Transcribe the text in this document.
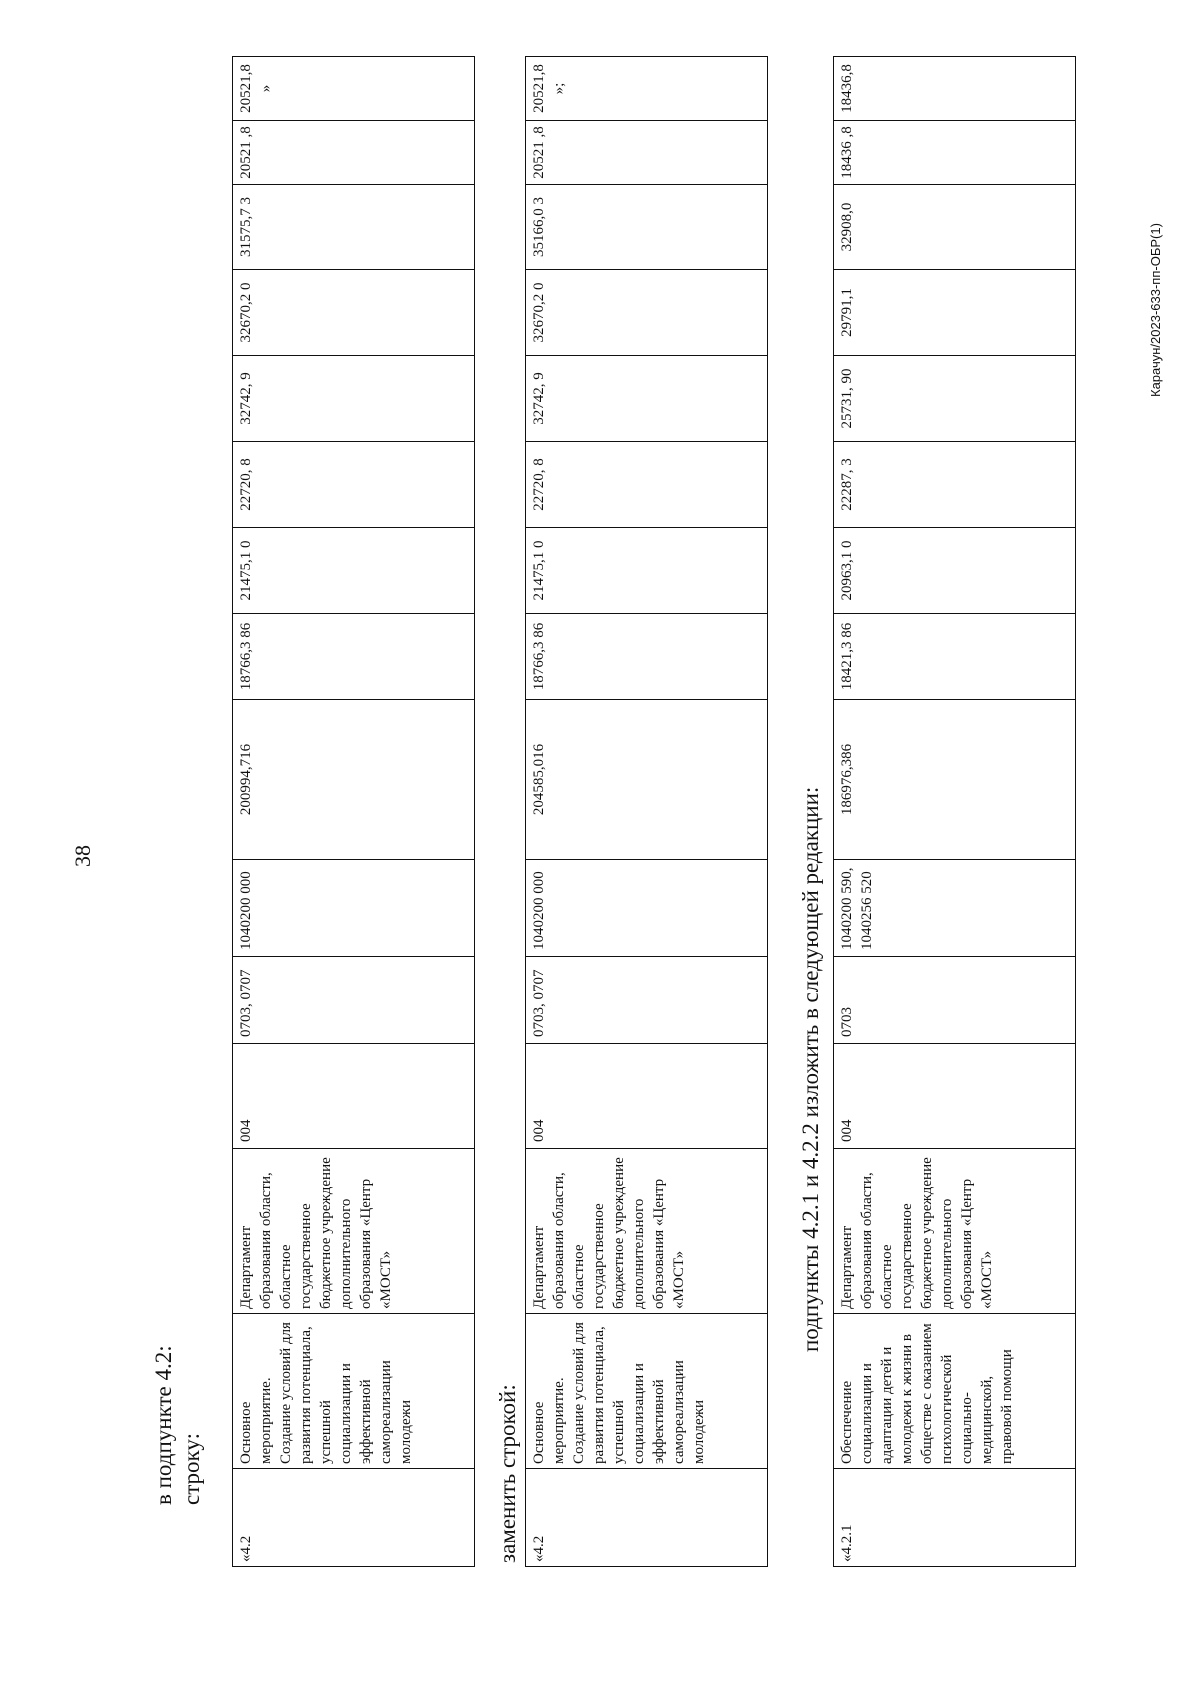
38
Карачун/2023-633-пп-ОБР(1)
в подпункте 4.2: строку:
«4.2	Основное мероприятие. Создание условий для развития потенциала, успешной социализации и эффективной самореализации молодежи	Департамент образования области, областное государственное бюджетное учреждение дополнительного образования «Центр «МОСТ»	004	0703, 0707	1040200 000	200994,716	18766,3 86	21475,1 0	22720, 8	32742, 9	32670,2 0	31575,7 3	20521 ,8	20521,8 »
заменить строкой: «4.2	Основное мероприятие. Создание условий для развития потенциала, успешной социализации и эффективной самореализации молодежи	Департамент образования области, областное государственное бюджетное учреждение дополнительного образования «Центр «МОСТ»	004	0703, 0707	1040200 000	204585,016	18766,3 86	21475,1 0	22720, 8	32742, 9	32670,2 0	35166,0 3	20521 ,8	20521,8 »;
подпункты 4.2.1 и 4.2.2 изложить в следующей редакции:
«4.2.1	Обеспечение социализации и адаптации детей и молодежи к жизни в обществе с оказанием психологической социально-медицинской, правовой помощи	Департамент образования области, областное государственное бюджетное учреждение дополнительного образования «Центр «МОСТ»	004	0703	1040200 590, 1040256 520	186976,386	18421,3 86	20963,1 0	22287, 3	25731, 90	29791,1	32908,0	18436 ,8	18436,8
